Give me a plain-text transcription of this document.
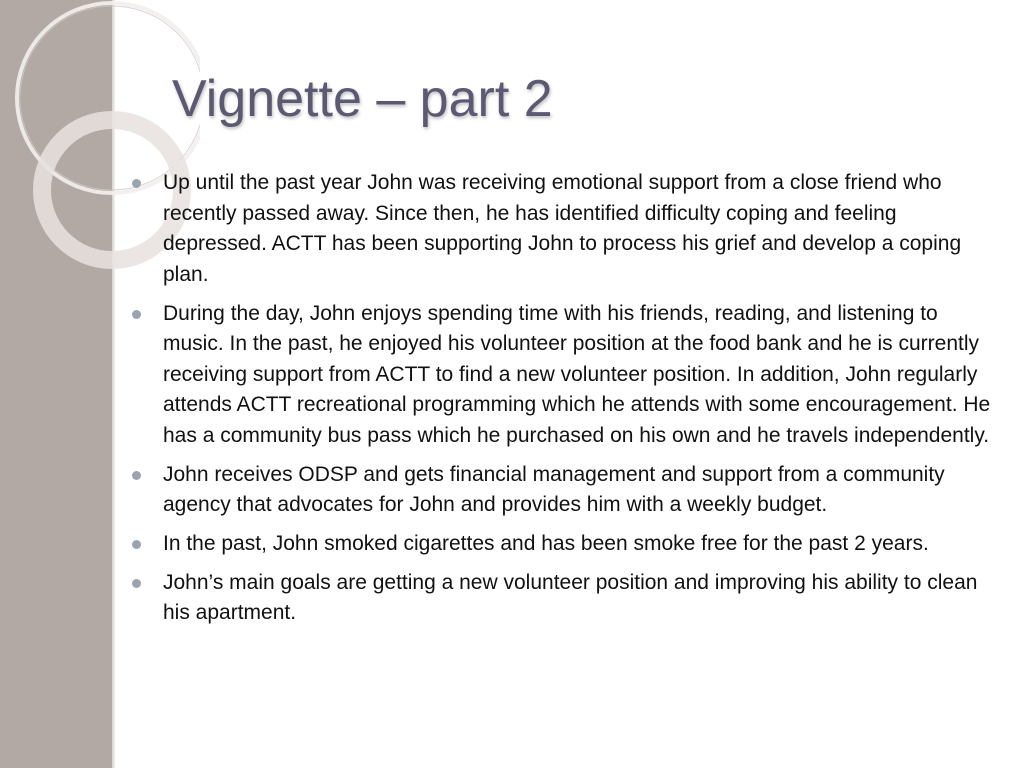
Vignette – part 2
Up until the past year John was receiving emotional support from a close friend who recently passed away. Since then, he has identified difficulty coping and feeling depressed. ACTT has been supporting John to process his grief and develop a coping plan.
During the day, John enjoys spending time with his friends, reading, and listening to music. In the past, he enjoyed his volunteer position at the food bank and he is currently receiving support from ACTT to find a new volunteer position. In addition, John regularly attends ACTT recreational programming which he attends with some encouragement. He has a community bus pass which he purchased on his own and he travels independently.
John receives ODSP and gets financial management and support from a community agency that advocates for John and provides him with a weekly budget.
In the past, John smoked cigarettes and has been smoke free for the past 2 years.
John’s main goals are getting a new volunteer position and improving his ability to clean his apartment.
